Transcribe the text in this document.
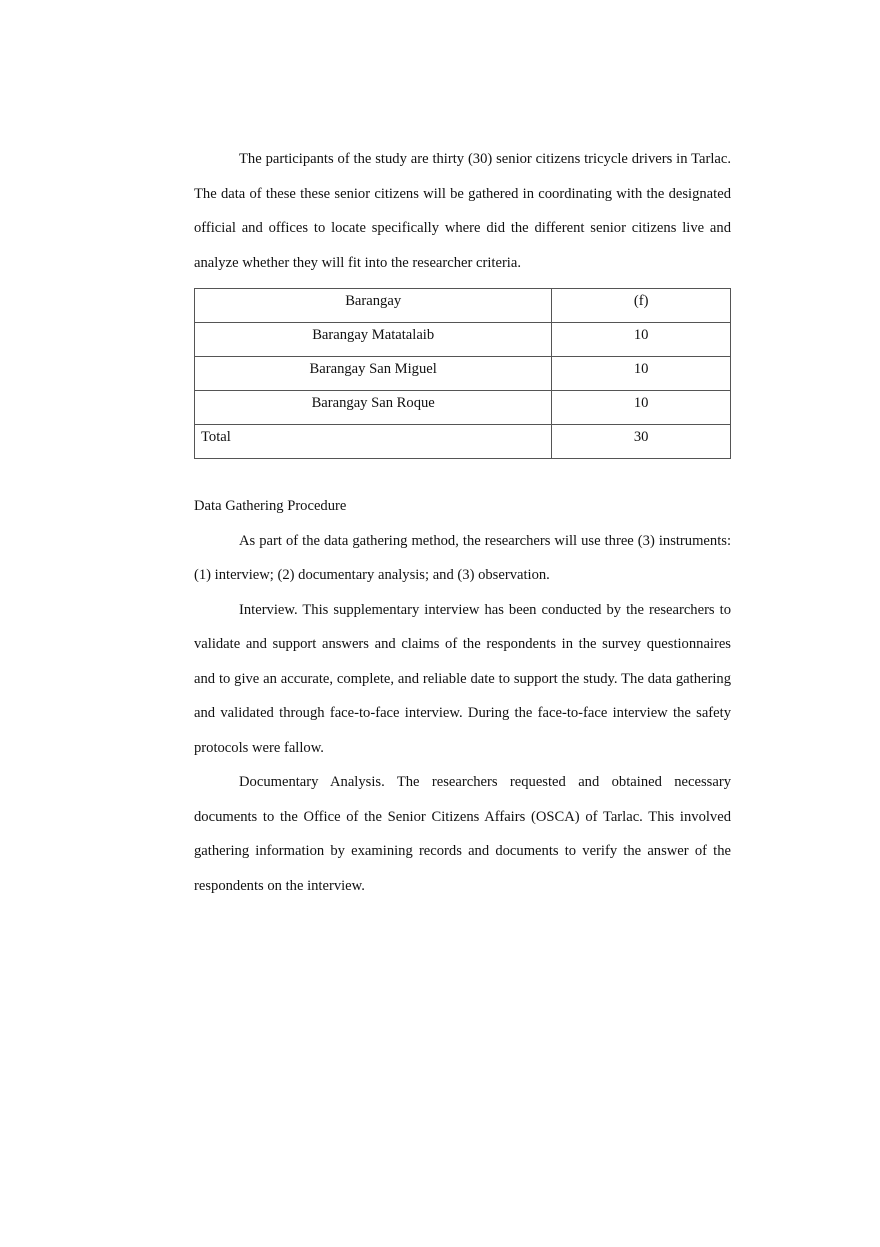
The participants of the study are thirty (30) senior citizens tricycle drivers in Tarlac. The data of these these senior citizens will be gathered in coordinating with the designated official and offices to locate specifically where did the different senior citizens live and analyze whether they will fit into the researcher criteria.

Barangay	(f)
Barangay Matatalaib	10
Barangay San Miguel	10
Barangay San Roque	10
Total	30

Data Gathering Procedure

As part of the data gathering method, the researchers will use three (3) instruments: (1) interview; (2) documentary analysis; and (3) observation.

Interview. This supplementary interview has been conducted by the researchers to validate and support answers and claims of the respondents in the survey questionnaires and to give an accurate, complete, and reliable date to support the study. The data gathering and validated through face-to-face interview. During the face-to-face interview the safety protocols were fallow.

Documentary Analysis. The researchers requested and obtained necessary documents to the Office of the Senior Citizens Affairs (OSCA) of Tarlac. This involved gathering information by examining records and documents to verify the answer of the respondents on the interview.
